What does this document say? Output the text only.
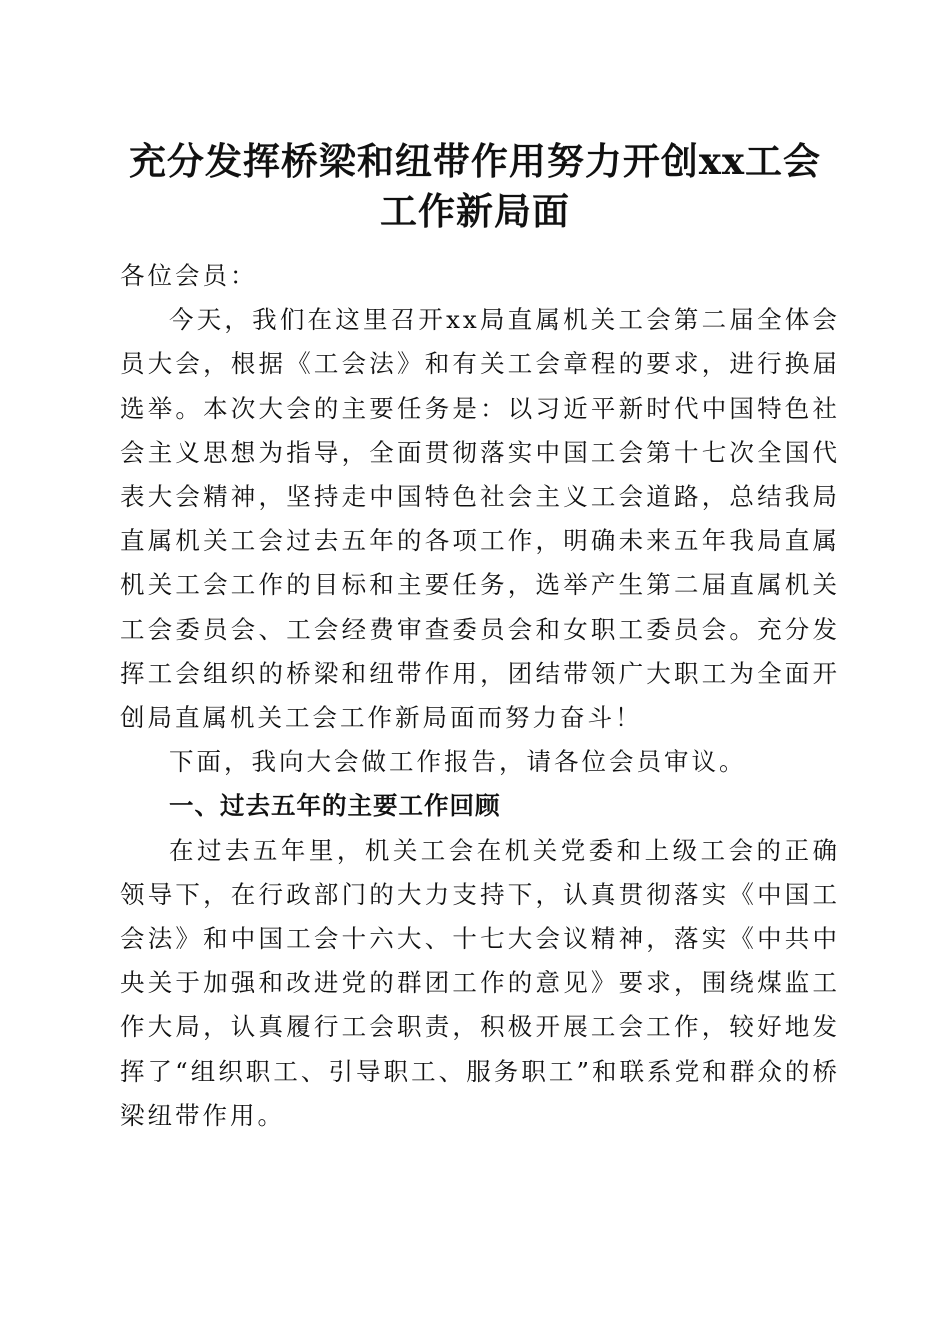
充分发挥桥梁和纽带作用努力开创xx工会工作新局面

各位会员：

今天，我们在这里召开xx局直属机关工会第二届全体会员大会，根据《工会法》和有关工会章程的要求，进行换届选举。本次大会的主要任务是：以习近平新时代中国特色社会主义思想为指导，全面贯彻落实中国工会第十七次全国代表大会精神，坚持走中国特色社会主义工会道路，总结我局直属机关工会过去五年的各项工作，明确未来五年我局直属机关工会工作的目标和主要任务，选举产生第二届直属机关工会委员会、工会经费审查委员会和女职工委员会。充分发挥工会组织的桥梁和纽带作用，团结带领广大职工为全面开创局直属机关工会工作新局面而努力奋斗！

下面，我向大会做工作报告，请各位会员审议。

一、过去五年的主要工作回顾

在过去五年里，机关工会在机关党委和上级工会的正确领导下，在行政部门的大力支持下，认真贯彻落实《中国工会法》和中国工会十六大、十七大会议精神，落实《中共中央关于加强和改进党的群团工作的意见》要求，围绕煤监工作大局，认真履行工会职责，积极开展工会工作，较好地发挥了“组织职工、引导职工、服务职工”和联系党和群众的桥梁纽带作用。
